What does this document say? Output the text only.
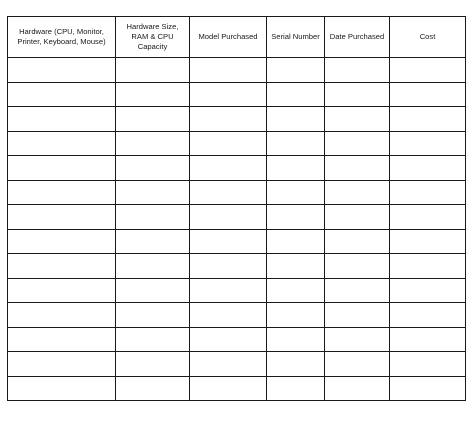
Hardware (CPU, Monitor, Printer, Keyboard, Mouse)	Hardware Size, RAM & CPU Capacity	Model Purchased	Serial Number	Date Purchased	Cost
